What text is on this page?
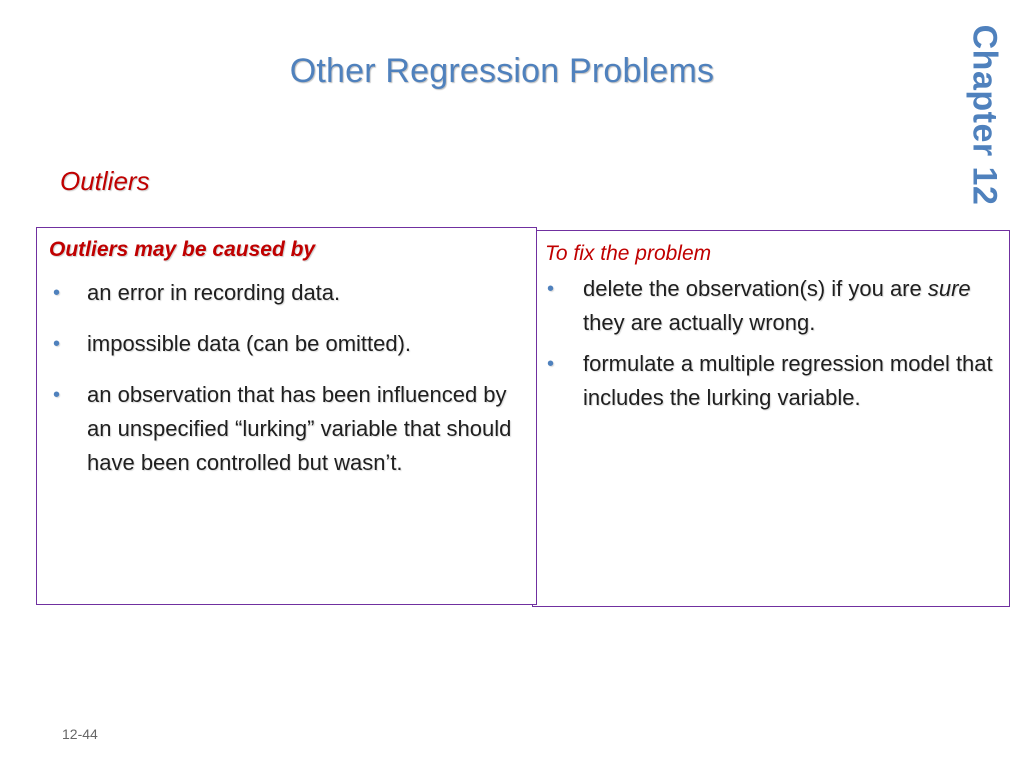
Other Regression Problems	Chapter 12
Outliers
To fix the problem
• delete the observation(s) if you are sure they are actually wrong.
• formulate a multiple regression model that includes the lurking variable.
Outliers may be caused by
• an error in recording data.
• impossible data (can be omitted).
• an observation that has been influenced by an unspecified “lurking” variable that should have been controlled but wasn’t.
12-44
